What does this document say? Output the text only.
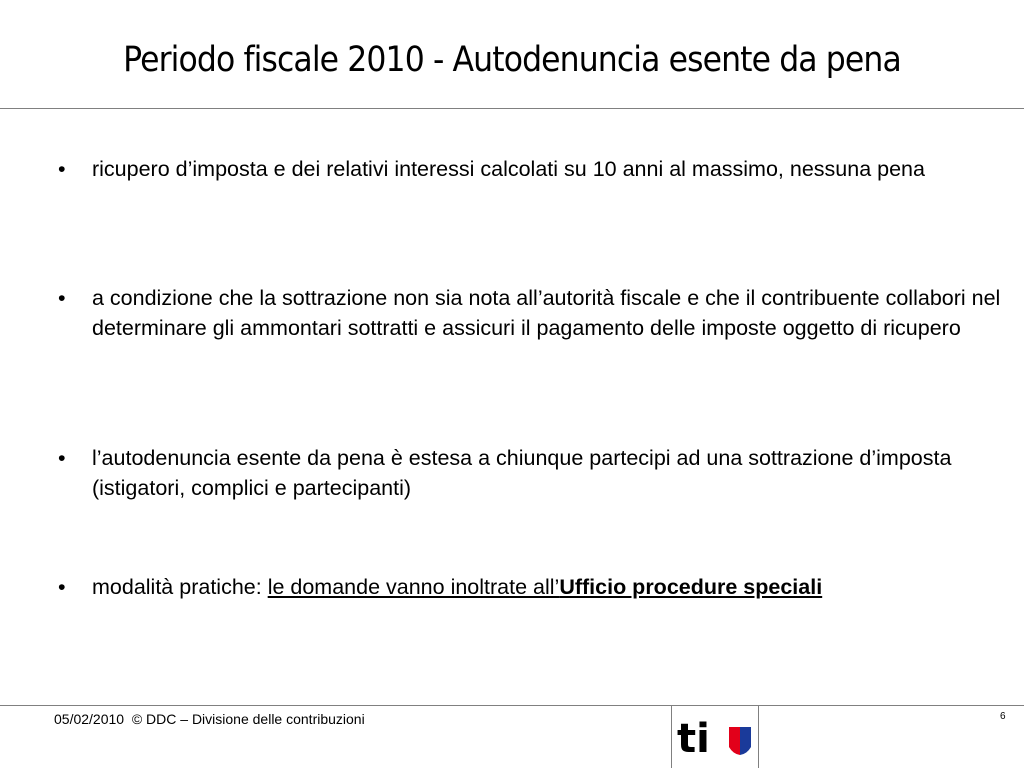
Periodo fiscale 2010 - Autodenuncia esente da pena
•	ricupero d’imposta e dei relativi interessi calcolati su 10 anni al massimo, nessuna pena
•	a condizione che la sottrazione non sia nota all’autorità fiscale e che il contribuente collabori nel determinare gli ammontari sottratti e assicuri il pagamento delle imposte oggetto di ricupero
•	l’autodenuncia esente da pena è estesa a chiunque partecipi ad una sottrazione d’imposta (istigatori, complici e partecipanti)
•	modalità pratiche: le domande vanno inoltrate all’Ufficio procedure speciali
05/02/2010  © DDC – Divisione delle contribuzioni	ti	6
